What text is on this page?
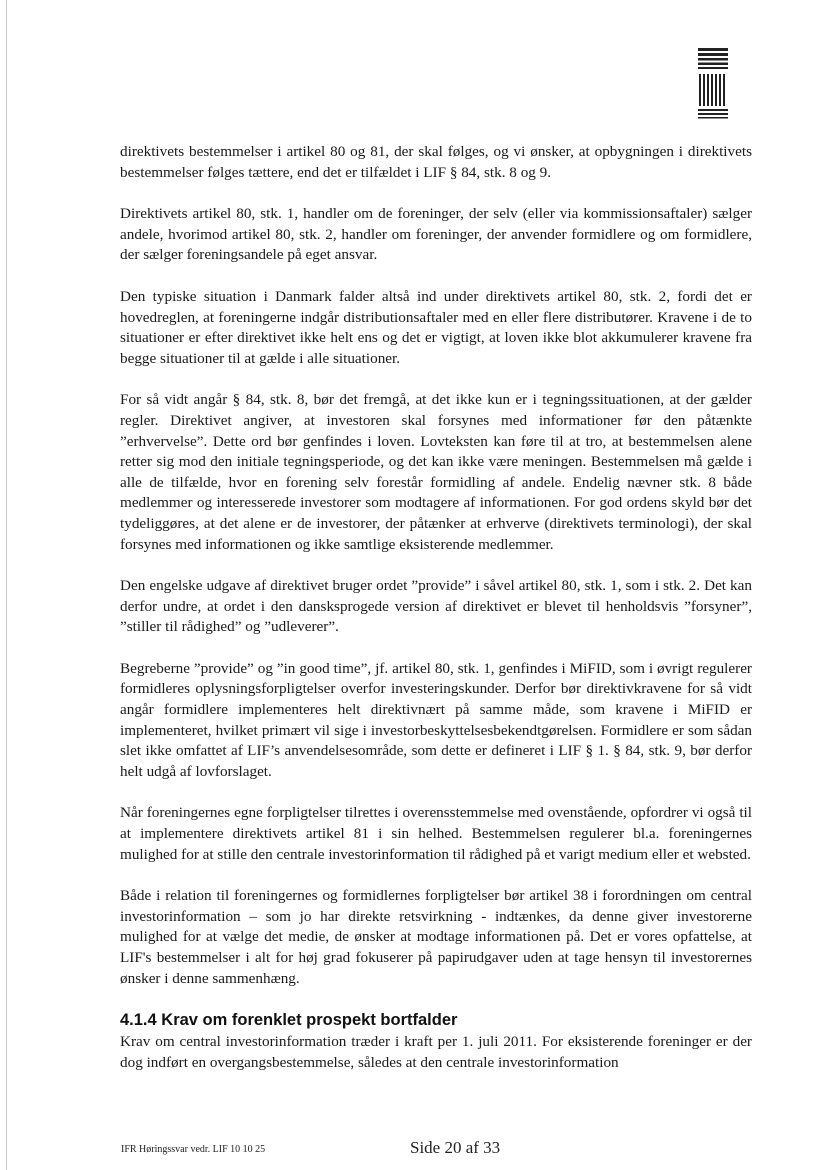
direktivets bestemmelser i artikel 80 og 81, der skal følges, og vi ønsker, at opbygningen i direktivets bestemmelser følges tættere, end det er tilfældet i LIF § 84, stk. 8 og 9.

Direktivets artikel 80, stk. 1, handler om de foreninger, der selv (eller via kommissionsaftaler) sælger andele, hvorimod artikel 80, stk. 2, handler om foreninger, der anvender formidlere og om formidlere, der sælger foreningsandele på eget ansvar.

Den typiske situation i Danmark falder altså ind under direktivets artikel 80, stk. 2, fordi det er hovedreglen, at foreningerne indgår distributionsaftaler med en eller flere distributører. Kravene i de to situationer er efter direktivet ikke helt ens og det er vigtigt, at loven ikke blot akkumulerer kravene fra begge situationer til at gælde i alle situationer.

For så vidt angår § 84, stk. 8, bør det fremgå, at det ikke kun er i tegningssituationen, at der gælder regler. Direktivet angiver, at investoren skal forsynes med informationer før den påtænkte ”erhvervelse”. Dette ord bør genfindes i loven. Lovteksten kan føre til at tro, at bestemmelsen alene retter sig mod den initiale tegningsperiode, og det kan ikke være meningen. Bestemmelsen må gælde i alle de tilfælde, hvor en forening selv forestår formidling af andele. Endelig nævner stk. 8 både medlemmer og interesserede investorer som modtagere af informationen. For god ordens skyld bør det tydeliggøres, at det alene er de investorer, der påtænker at erhverve (direktivets terminologi), der skal forsynes med informationen og ikke samtlige eksisterende medlemmer.

Den engelske udgave af direktivet bruger ordet ”provide” i såvel artikel 80, stk. 1, som i stk. 2. Det kan derfor undre, at ordet i den dansksprogede version af direktivet er blevet til henholdsvis ”forsyner”, ”stiller til rådighed” og ”udleverer”.

Begreberne ”provide” og ”in good time”, jf. artikel 80, stk. 1, genfindes i MiFID, som i øvrigt regulerer formidleres oplysningsforpligtelser overfor investeringskunder. Derfor bør direktivkravene for så vidt angår formidlere implementeres helt direktivnært på samme måde, som kravene i MiFID er implementeret, hvilket primært vil sige i investorbeskyttelsesbekendtgørelsen. Formidlere er som sådan slet ikke omfattet af LIF’s anvendelsesområde, som dette er defineret i LIF § 1. § 84, stk. 9, bør derfor helt udgå af lovforslaget.

Når foreningernes egne forpligtelser tilrettes i overensstemmelse med ovenstående, opfordrer vi også til at implementere direktivets artikel 81 i sin helhed. Bestemmelsen regulerer bl.a. foreningernes mulighed for at stille den centrale investorinformation til rådighed på et varigt medium eller et websted.

Både i relation til foreningernes og formidlernes forpligtelser bør artikel 38 i forordningen om central investorinformation – som jo har direkte retsvirkning - indtænkes, da denne giver investorerne mulighed for at vælge det medie, de ønsker at modtage informationen på. Det er vores opfattelse, at LIF's bestemmelser i alt for høj grad fokuserer på papirudgaver uden at tage hensyn til investorernes ønsker i denne sammenhæng.

4.1.4 Krav om forenklet prospekt bortfalder

Krav om central investorinformation træder i kraft per 1. juli 2011. For eksisterende foreninger er der dog indført en overgangsbestemmelse, således at den centrale investorinformation

IFR Høringssvar vedr. LIF 10 10 25	Side 20 af 33
